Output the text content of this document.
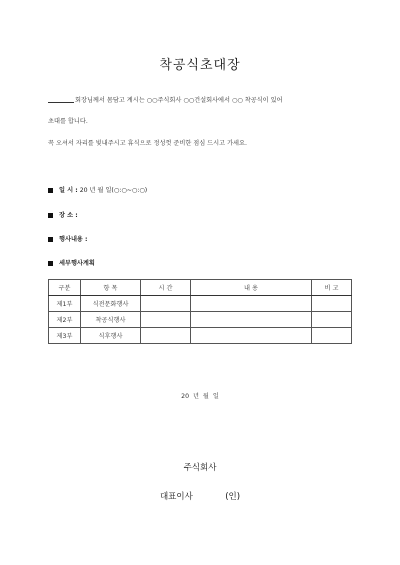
착공식초대장
회장님께서 몸담고 계시는 ○○주식회사 ○○건설회사에서 ○○ 착공식이 있어
초대를 합니다.
꼭 오셔서 자리를 빛내주시고 휴식으로 정성껏 준비한 점심 드시고 가세요.
일 시 : 20 년 월 일(○:○~○:○)
장 소 :
행사내용 :
세부행사계획
구분	항 목	시 간	내 용	비 고
제1부	식전문화행사			
제2부	착공식행사			
제3부	식후행사			
20 년 월 일
주식회사
대표이사            (인)
